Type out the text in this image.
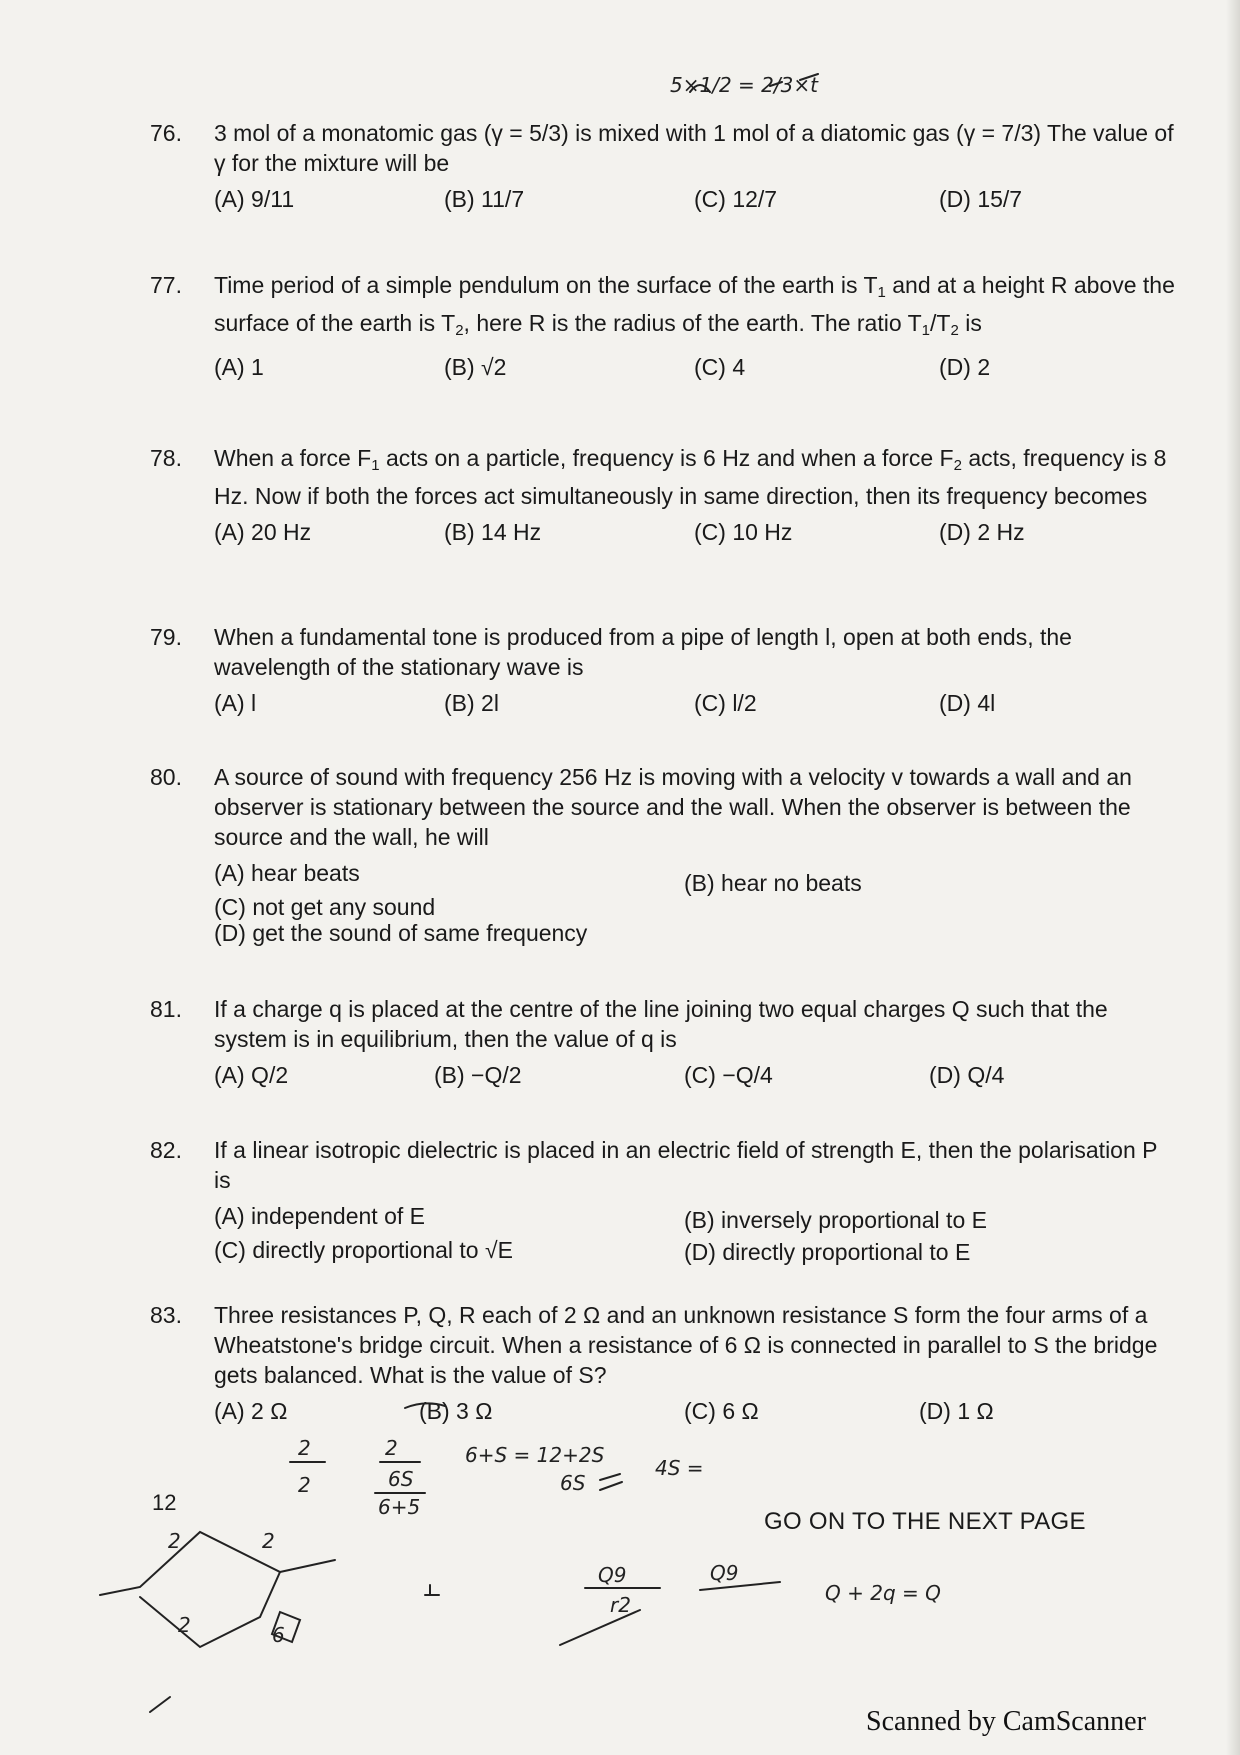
76.	3 mol of a monatomic gas (γ = 5/3) is mixed with 1 mol of a diatomic gas (γ = 7/3) The value of γ for the mixture will be
(A) 9/11	(B) 11/7	(C) 12/7	(D) 15/7
77.	Time period of a simple pendulum on the surface of the earth is $T_1$ and at a height R above the surface of the earth is $T_2$, here R is the radius of the earth. The ratio $T_1/T_2$ is
(A) 1	(B) √2	(C) 4	(D) 2
78.	When a force $F_1$ acts on a particle, frequency is 6 Hz and when a force $F_2$ acts, frequency is 8 Hz. Now if both the forces act simultaneously in same direction, then its frequency becomes
(A) 20 Hz	(B) 14 Hz	(C) 10 Hz	(D) 2 Hz
79.	When a fundamental tone is produced from a pipe of length l, open at both ends, the wavelength of the stationary wave is
(A) l	(B) 2l	(C) l/2	(D) 4l
80.	A source of sound with frequency 256 Hz is moving with a velocity v towards a wall and an observer is stationary between the source and the wall. When the observer is between the source and the wall, he will
(A) hear beats	(B) hear no beats
(C) not get any sound
(D) get the sound of same frequency
81.	If a charge q is placed at the centre of the line joining two equal charges Q such that the system is in equilibrium, then the value of q is
(A) Q/2	(B) −Q/2	(C) −Q/4	(D) Q/4
82.	If a linear isotropic dielectric is placed in an electric field of strength E, then the polarisation P is
(A) independent of E	(B) inversely proportional to E
(C) directly proportional to √E	(D) directly proportional to E
83.	Three resistances P, Q, R each of 2 Ω and an unknown resistance S form the four arms of a Wheatstone's bridge circuit. When a resistance of 6 Ω is connected in parallel to S the bridge gets balanced. What is the value of S?
(A) 2 Ω	(B) 3 Ω	(C) 6 Ω	(D) 1 Ω
12
GO ON TO THE NEXT PAGE
Scanned by CamScanner
5×1/2 = 2/3×t
2
2
2
6S
6+5
6+S = 12+2S
6S
4S =
Q9
r2
Q9
Q + 2q = Q
2	2
2	6
